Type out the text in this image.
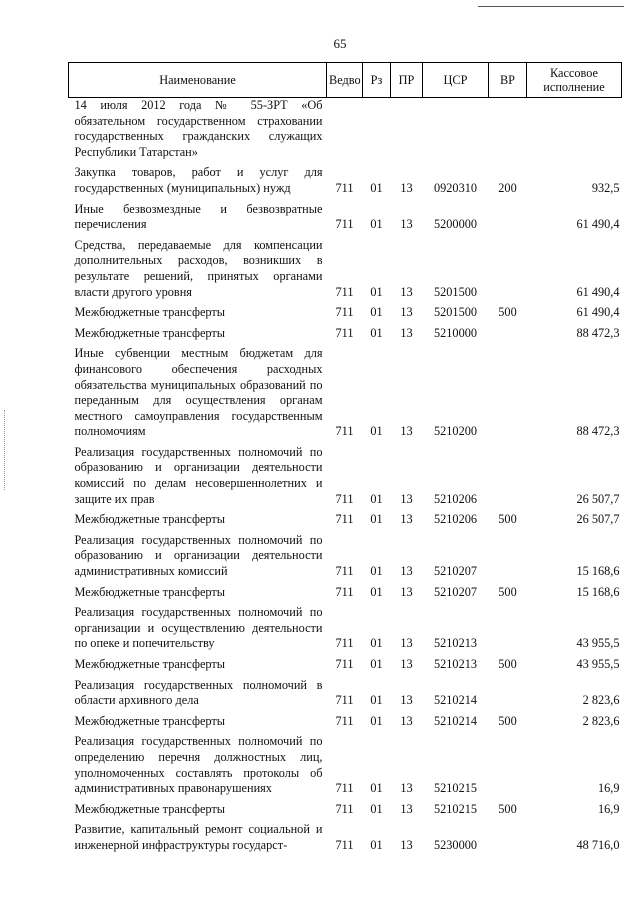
65
Наименование	Ведво	Рз	ПР	ЦСР	ВР	Кассовое исполнение
14 июля 2012 года № 55-ЗРТ «Об обязательном государственном страховании государственных гражданских служащих Республики Татарстан»						
Закупка товаров, работ и услуг для государственных (муниципальных) нужд	711	01	13	0920310	200	932,5
Иные безвозмездные и безвозвратные перечисления	711	01	13	5200000		61 490,4
Средства, передаваемые для компенсации дополнительных расходов, возникших в результате решений, принятых органами власти другого уровня	711	01	13	5201500		61 490,4
Межбюджетные трансферты	711	01	13	5201500	500	61 490,4
Межбюджетные трансферты	711	01	13	5210000		88 472,3
Иные субвенции местным бюджетам для финансового обеспечения расходных обязательства муниципальных образований по переданным для осуществления органам местного самоуправления государственным полномочиям	711	01	13	5210200		88 472,3
Реализация государственных полномочий по образованию и организации деятельности комиссий по делам несовершеннолетних и защите их прав	711	01	13	5210206		26 507,7
Межбюджетные трансферты	711	01	13	5210206	500	26 507,7
Реализация государственных полномочий по образованию и организации деятельности административных комиссий	711	01	13	5210207		15 168,6
Межбюджетные трансферты	711	01	13	5210207	500	15 168,6
Реализация государственных полномочий по организации и осуществлению деятельности по опеке и попечительству	711	01	13	5210213		43 955,5
Межбюджетные трансферты	711	01	13	5210213	500	43 955,5
Реализация государственных полномочий в области архивного дела	711	01	13	5210214		2 823,6
Межбюджетные трансферты	711	01	13	5210214	500	2 823,6
Реализация государственных полномочий по определению перечня должностных лиц, уполномоченных составлять протоколы об административных правонарушениях	711	01	13	5210215		16,9
Межбюджетные трансферты	711	01	13	5210215	500	16,9
Развитие, капитальный ремонт социальной и инженерной инфраструктуры государст-	711	01	13	5230000		48 716,0
